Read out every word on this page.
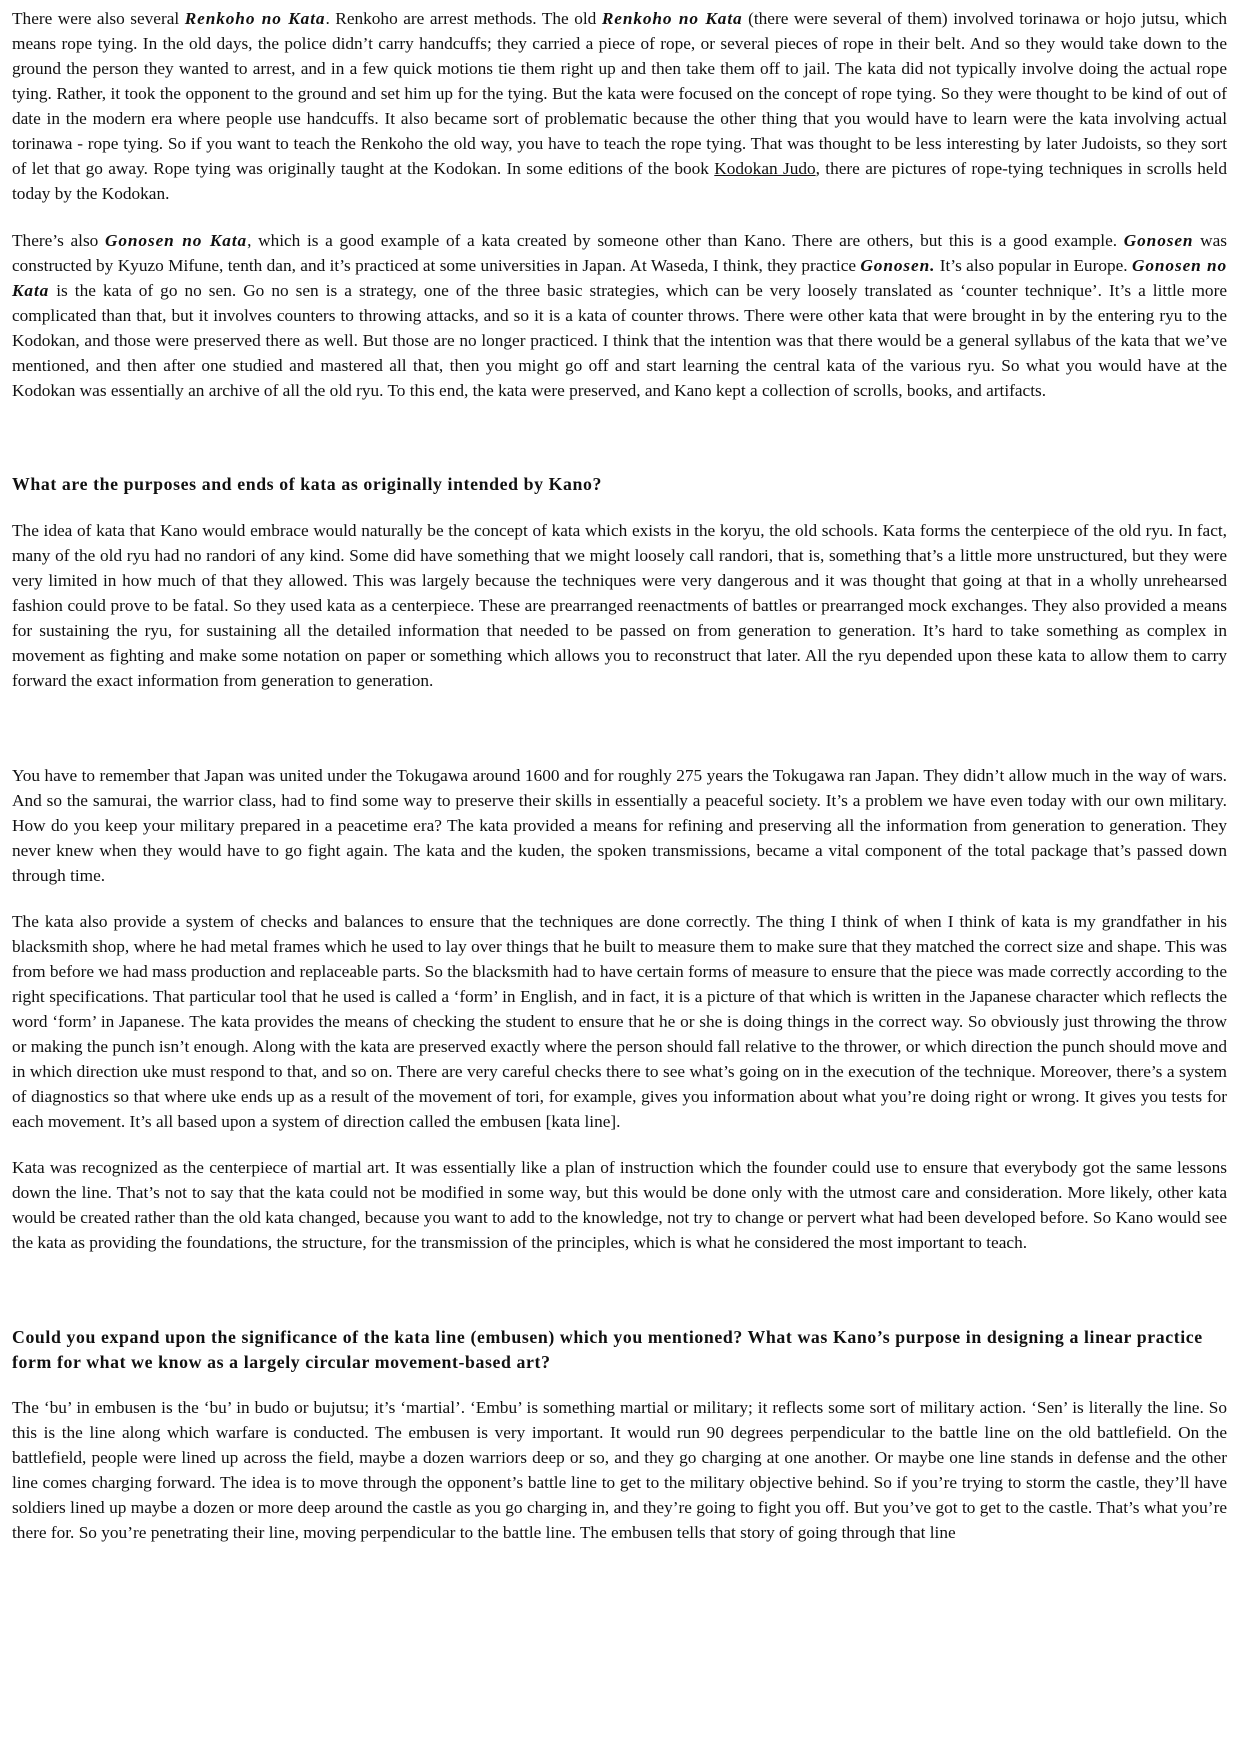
There were also several Renkoho no Kata. Renkoho are arrest methods. The old Renkoho no Kata (there were several of them) involved torinawa or hojo jutsu, which means rope tying. In the old days, the police didn’t carry handcuffs; they carried a piece of rope, or several pieces of rope in their belt. And so they would take down to the ground the person they wanted to arrest, and in a few quick motions tie them right up and then take them off to jail. The kata did not typically involve doing the actual rope tying. Rather, it took the opponent to the ground and set him up for the tying. But the kata were focused on the concept of rope tying. So they were thought to be kind of out of date in the modern era where people use handcuffs. It also became sort of problematic because the other thing that you would have to learn were the kata involving actual torinawa - rope tying. So if you want to teach the Renkoho the old way, you have to teach the rope tying. That was thought to be less interesting by later Judoists, so they sort of let that go away. Rope tying was originally taught at the Kodokan. In some editions of the book Kodokan Judo, there are pictures of rope-tying techniques in scrolls held today by the Kodokan.

There’s also Gonosen no Kata, which is a good example of a kata created by someone other than Kano. There are others, but this is a good example. Gonosen was constructed by Kyuzo Mifune, tenth dan, and it’s practiced at some universities in Japan. At Waseda, I think, they practice Gonosen. It’s also popular in Europe. Gonosen no Kata is the kata of go no sen. Go no sen is a strategy, one of the three basic strategies, which can be very loosely translated as ‘counter technique’. It’s a little more complicated than that, but it involves counters to throwing attacks, and so it is a kata of counter throws. There were other kata that were brought in by the entering ryu to the Kodokan, and those were preserved there as well. But those are no longer practiced. I think that the intention was that there would be a general syllabus of the kata that we’ve mentioned, and then after one studied and mastered all that, then you might go off and start learning the central kata of the various ryu. So what you would have at the Kodokan was essentially an archive of all the old ryu. To this end, the kata were preserved, and Kano kept a collection of scrolls, books, and artifacts.

What are the purposes and ends of kata as originally intended by Kano?

The idea of kata that Kano would embrace would naturally be the concept of kata which exists in the koryu, the old schools. Kata forms the centerpiece of the old ryu. In fact, many of the old ryu had no randori of any kind. Some did have something that we might loosely call randori, that is, something that’s a little more unstructured, but they were very limited in how much of that they allowed. This was largely because the techniques were very dangerous and it was thought that going at that in a wholly unrehearsed fashion could prove to be fatal. So they used kata as a centerpiece. These are prearranged reenactments of battles or prearranged mock exchanges. They also provided a means for sustaining the ryu, for sustaining all the detailed information that needed to be passed on from generation to generation. It’s hard to take something as complex in movement as fighting and make some notation on paper or something which allows you to reconstruct that later. All the ryu depended upon these kata to allow them to carry forward the exact information from generation to generation.

You have to remember that Japan was united under the Tokugawa around 1600 and for roughly 275 years the Tokugawa ran Japan. They didn’t allow much in the way of wars. And so the samurai, the warrior class, had to find some way to preserve their skills in essentially a peaceful society. It’s a problem we have even today with our own military. How do you keep your military prepared in a peacetime era? The kata provided a means for refining and preserving all the information from generation to generation. They never knew when they would have to go fight again. The kata and the kuden, the spoken transmissions, became a vital component of the total package that’s passed down through time.

The kata also provide a system of checks and balances to ensure that the techniques are done correctly. The thing I think of when I think of kata is my grandfather in his blacksmith shop, where he had metal frames which he used to lay over things that he built to measure them to make sure that they matched the correct size and shape. This was from before we had mass production and replaceable parts. So the blacksmith had to have certain forms of measure to ensure that the piece was made correctly according to the right specifications. That particular tool that he used is called a ‘form’ in English, and in fact, it is a picture of that which is written in the Japanese character which reflects the word ‘form’ in Japanese. The kata provides the means of checking the student to ensure that he or she is doing things in the correct way. So obviously just throwing the throw or making the punch isn’t enough. Along with the kata are preserved exactly where the person should fall relative to the thrower, or which direction the punch should move and in which direction uke must respond to that, and so on. There are very careful checks there to see what’s going on in the execution of the technique. Moreover, there’s a system of diagnostics so that where uke ends up as a result of the movement of tori, for example, gives you information about what you’re doing right or wrong. It gives you tests for each movement. It’s all based upon a system of direction called the embusen [kata line].

Kata was recognized as the centerpiece of martial art. It was essentially like a plan of instruction which the founder could use to ensure that everybody got the same lessons down the line. That’s not to say that the kata could not be modified in some way, but this would be done only with the utmost care and consideration. More likely, other kata would be created rather than the old kata changed, because you want to add to the knowledge, not try to change or pervert what had been developed before. So Kano would see the kata as providing the foundations, the structure, for the transmission of the principles, which is what he considered the most important to teach.

Could you expand upon the significance of the kata line (embusen) which you mentioned? What was Kano’s purpose in designing a linear practice form for what we know as a largely circular movement-based art?

The ‘bu’ in embusen is the ‘bu’ in budo or bujutsu; it’s ‘martial’. ‘Embu’ is something martial or military; it reflects some sort of military action. ‘Sen’ is literally the line. So this is the line along which warfare is conducted. The embusen is very important. It would run 90 degrees perpendicular to the battle line on the old battlefield. On the battlefield, people were lined up across the field, maybe a dozen warriors deep or so, and they go charging at one another. Or maybe one line stands in defense and the other line comes charging forward. The idea is to move through the opponent’s battle line to get to the military objective behind. So if you’re trying to storm the castle, they’ll have soldiers lined up maybe a dozen or more deep around the castle as you go charging in, and they’re going to fight you off. But you’ve got to get to the castle. That’s what you’re there for. So you’re penetrating their line, moving perpendicular to the battle line. The embusen tells that story of going through that line
